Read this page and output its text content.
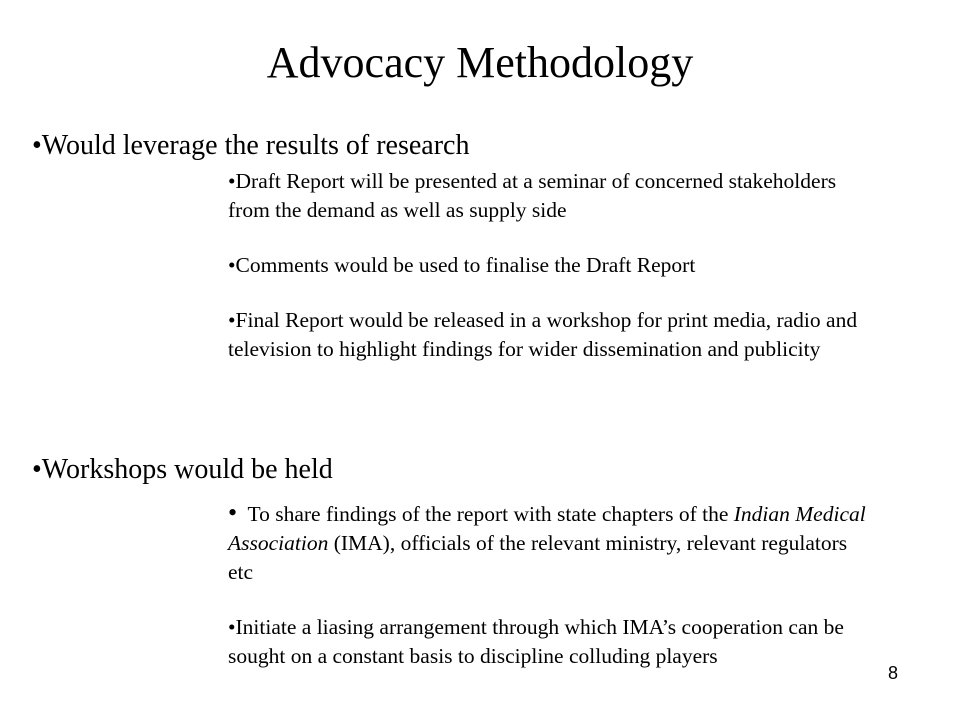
Advocacy Methodology
•Would leverage the results of research

•Draft Report will be presented at a seminar of concerned stakeholders from the demand as well as supply side

•Comments would be used to finalise the Draft Report

•Final Report would be released in a workshop for print media, radio and television to highlight findings for wider dissemination and publicity

•Workshops would be held

• To share findings of the report with state chapters of the Indian Medical Association (IMA), officials of the relevant ministry, relevant regulators etc

•Initiate a liasing arrangement through which IMA’s cooperation can be sought on a constant basis to discipline colluding players

8
